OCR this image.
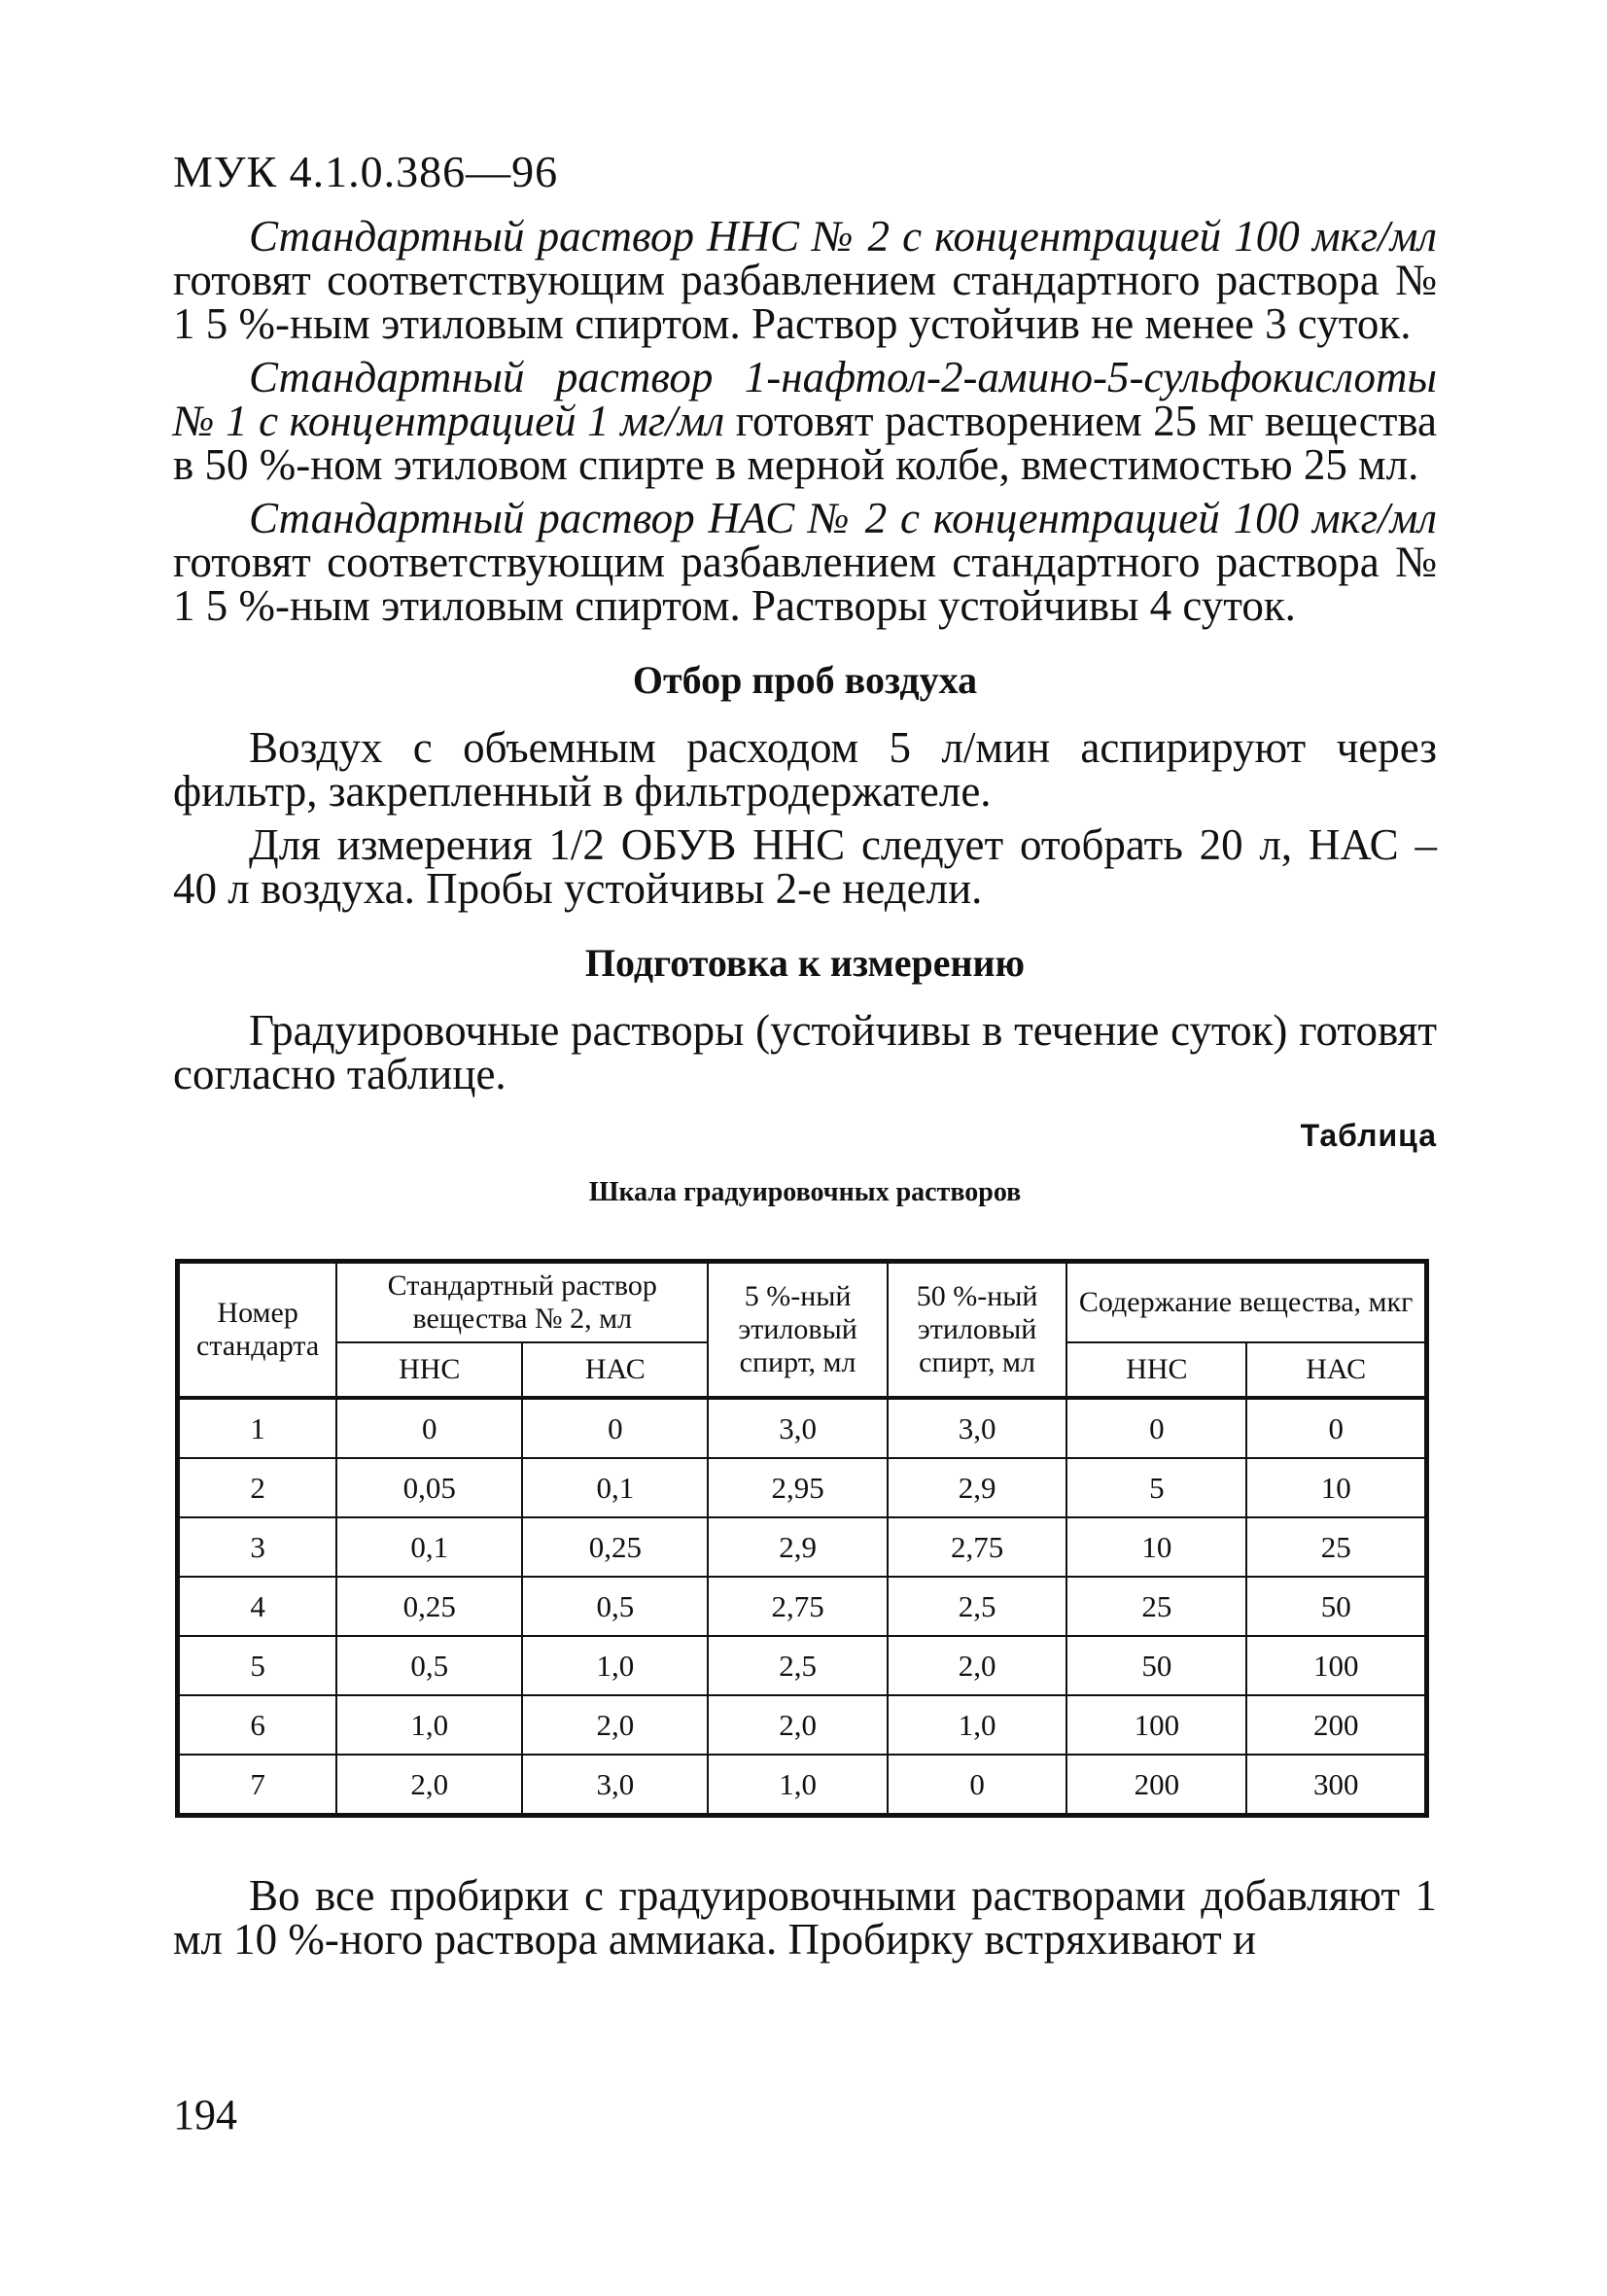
МУК 4.1.0.386—96

Стандартный раствор ННС № 2 с концентрацией 100 мкг/мл готовят соответствующим разбавлением стандартного раствора № 1 5 %-ным этиловым спиртом. Раствор устойчив не менее 3 суток.

Стандартный раствор 1-нафтол-2-амино-5-сульфокислоты № 1 с концентрацией 1 мг/мл готовят растворением 25 мг вещества в 50 %-ном этиловом спирте в мерной колбе, вместимостью 25 мл.

Стандартный раствор НАС № 2 с концентрацией 100 мкг/мл готовят соответствующим разбавлением стандартного раствора № 1 5 %-ным этиловым спиртом. Растворы устойчивы 4 суток.

Отбор проб воздуха

Воздух с объемным расходом 5 л/мин аспирируют через фильтр, закрепленный в фильтродержателе.

Для измерения 1/2 ОБУВ ННС следует отобрать 20 л, НАС – 40 л воздуха. Пробы устойчивы 2-е недели.

Подготовка к измерению

Градуировочные растворы (устойчивы в течение суток) готовят согласно таблице.

Таблица
Шкала градуировочных растворов
Номер стандарта	Стандартный раствор вещества № 2, мл		5 %-ный этиловый спирт, мл	50 %-ный этиловый спирт, мл	Содержание вещества, мкг	
	ННС	НАС			ННС	НАС
1	0	0	3,0	3,0	0	0
2	0,05	0,1	2,95	2,9	5	10
3	0,1	0,25	2,9	2,75	10	25
4	0,25	0,5	2,75	2,5	25	50
5	0,5	1,0	2,5	2,0	50	100
6	1,0	2,0	2,0	1,0	100	200
7	2,0	3,0	1,0	0	200	300

Во все пробирки с градуировочными растворами добавляют 1 мл 10 %-ного раствора аммиака. Пробирку встряхивают и

194
